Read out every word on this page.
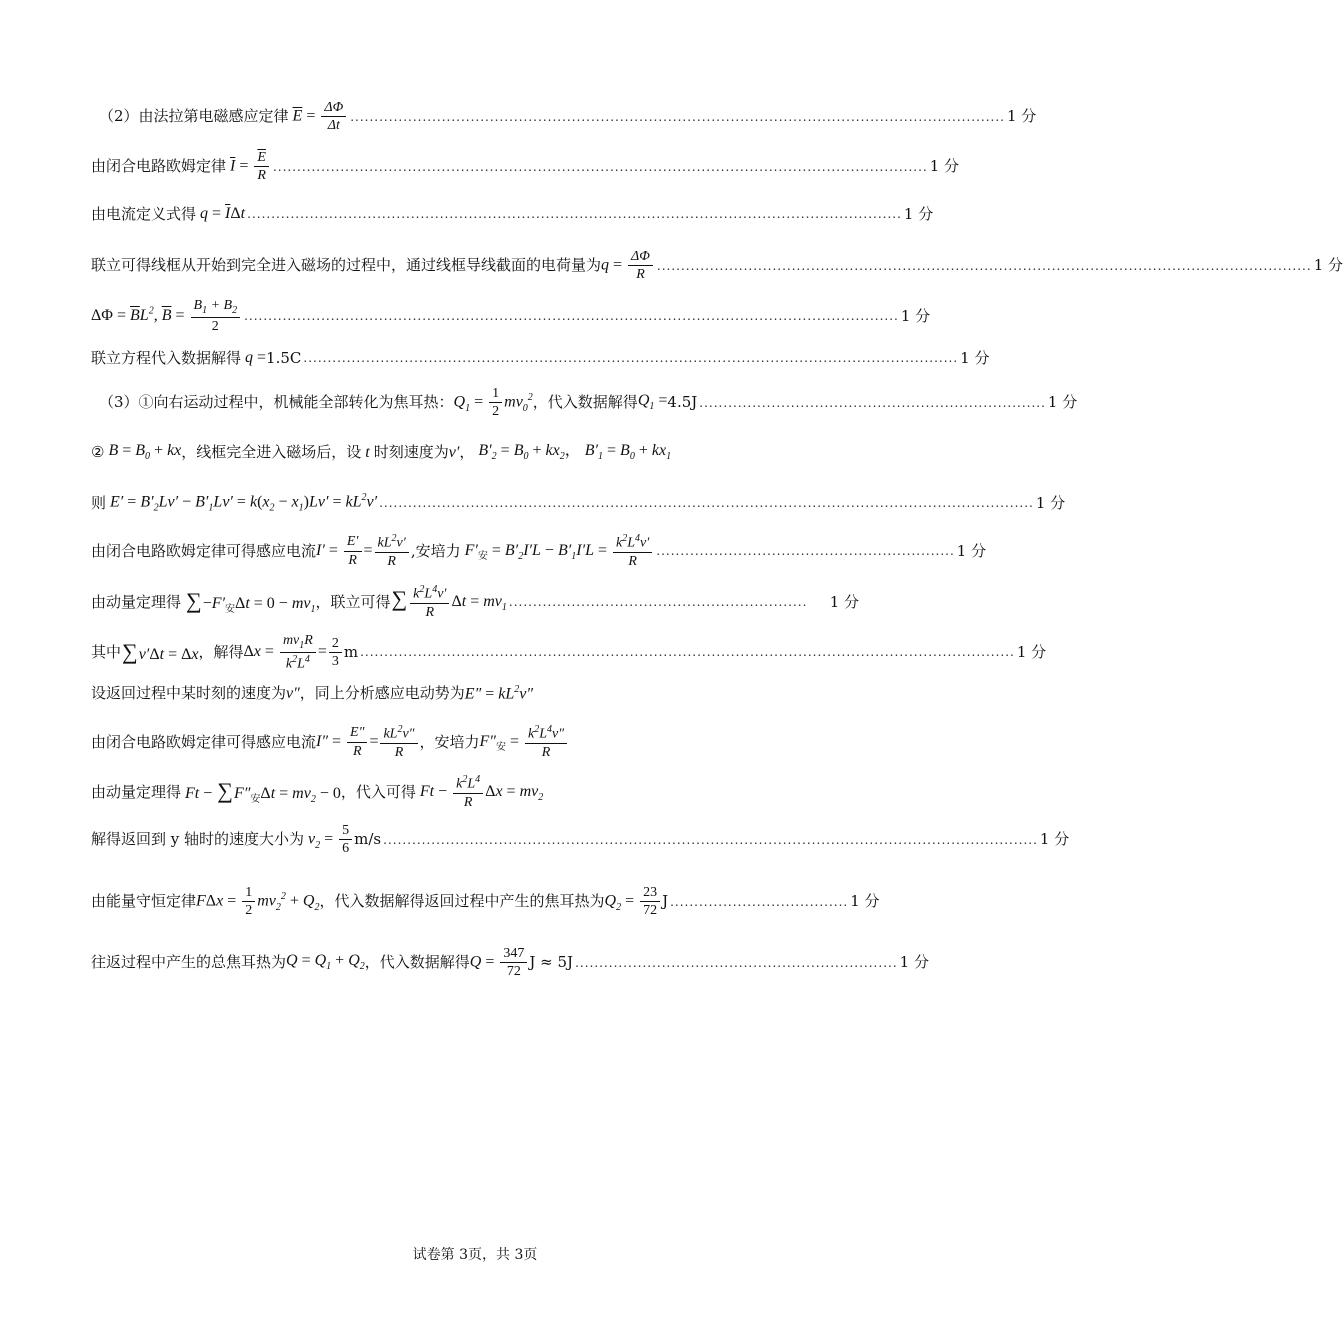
（2）由法拉第电磁感应定律 $\overline{E} = \frac{\Delta\Phi}{\Delta t}$ ........................................................................................................................................ 1 分
由闭合电路欧姆定律 $\overline{I} = \frac{\overline{E}}{R}$ ........................................................................................................................................ 1 分
由电流定义式得 $q = \overline{I}\Delta t$ ........................................................................................................................................ 1 分
联立可得线框从开始到完全进入磁场的过程中，通过线框导线截面的电荷量为 $q = \frac{\Delta\Phi}{R}$ ........................................................................................................................................ 1 分
$\Delta\Phi = \overline{B}L^2$, $\overline{B} = \frac{B_1 + B_2}{2}$ ........................................................................................................................................ 1 分
联立方程代入数据解得 q = 1.5 C ........................................................................................................................................ 1 分
（3）①向右运动过程中，机械能全部转化为焦耳热： $Q_1 = \frac{1}{2} mv_0^2$ ，代入数据解得 $Q_1 = 4.5J$ ........................................................................ 1 分
② $B = B_0$ + kx ，线框完全进入磁场后，设 t 时刻速度为 v′ ， $B'_2 = B_0 + kx_2$， $B'_1 = B_0 + kx_1$
则 $E' = B'_2Lv' - B'_1Lv' = k(x_2 - x_1)Lv' = kL^2v'$ ........................................................................................................................................ 1 分
由闭合电路欧姆定律可得感应电流 $I' = \frac{E'}{R} = \frac{kL^2v'}{R}$ ,安培力 $F'_安 = B'_2I'L - B'_1I'L = \frac{k^2L^4v'}{R}$ .............................................................. 1 分
由动量定理得 $\sum-F'_安\Delta t = 0 - mv_1$ ，联立可得 ∑ $\frac{k^2L^4v'}{R}$ $\Delta t = mv_1$ ..............................................................	1 分
其中 ∑v′Δt = Δx ，解得 $\Delta x = \frac{mv_1R}{k^2L^4} = \frac{2}{3}$ m ........................................................................................................................................ 1 分
设返回过程中某时刻的速度为 v″ ，同上分析感应电动势为 $E'' = kL^2v''$
由闭合电路欧姆定律可得感应电流 $I'' = \frac{E''}{R} = \frac{kL^2v''}{R}$ ，安培力 $F''_安 = \frac{k^2L^4v''}{R}$
由动量定理得 $Ft - \sum F''_安\Delta t = mv_2 - 0$ ，代入可得 $Ft - \frac{k^2L^4}{R}$ $\Delta x = mv_2$
解得返回到 y 轴时的速度大小为 $v_2 = \frac{5}{6} m/s$ ........................................................................................................................................ 1 分
由能量守恒定律 $F\Delta x = \frac{1}{2} mv_2^2 + Q_2$ ，代入数据解得返回过程中产生的焦耳热为 $Q_2 = \frac{23}{72}$ J ..................................... 1 分
往返过程中产生的总焦耳热为 $Q = Q_1 + Q_2$ ，代入数据解得 $Q = \frac{347}{72}$ J ≈ 5J ................................................................... 1 分
试卷第 3页，共 3页
